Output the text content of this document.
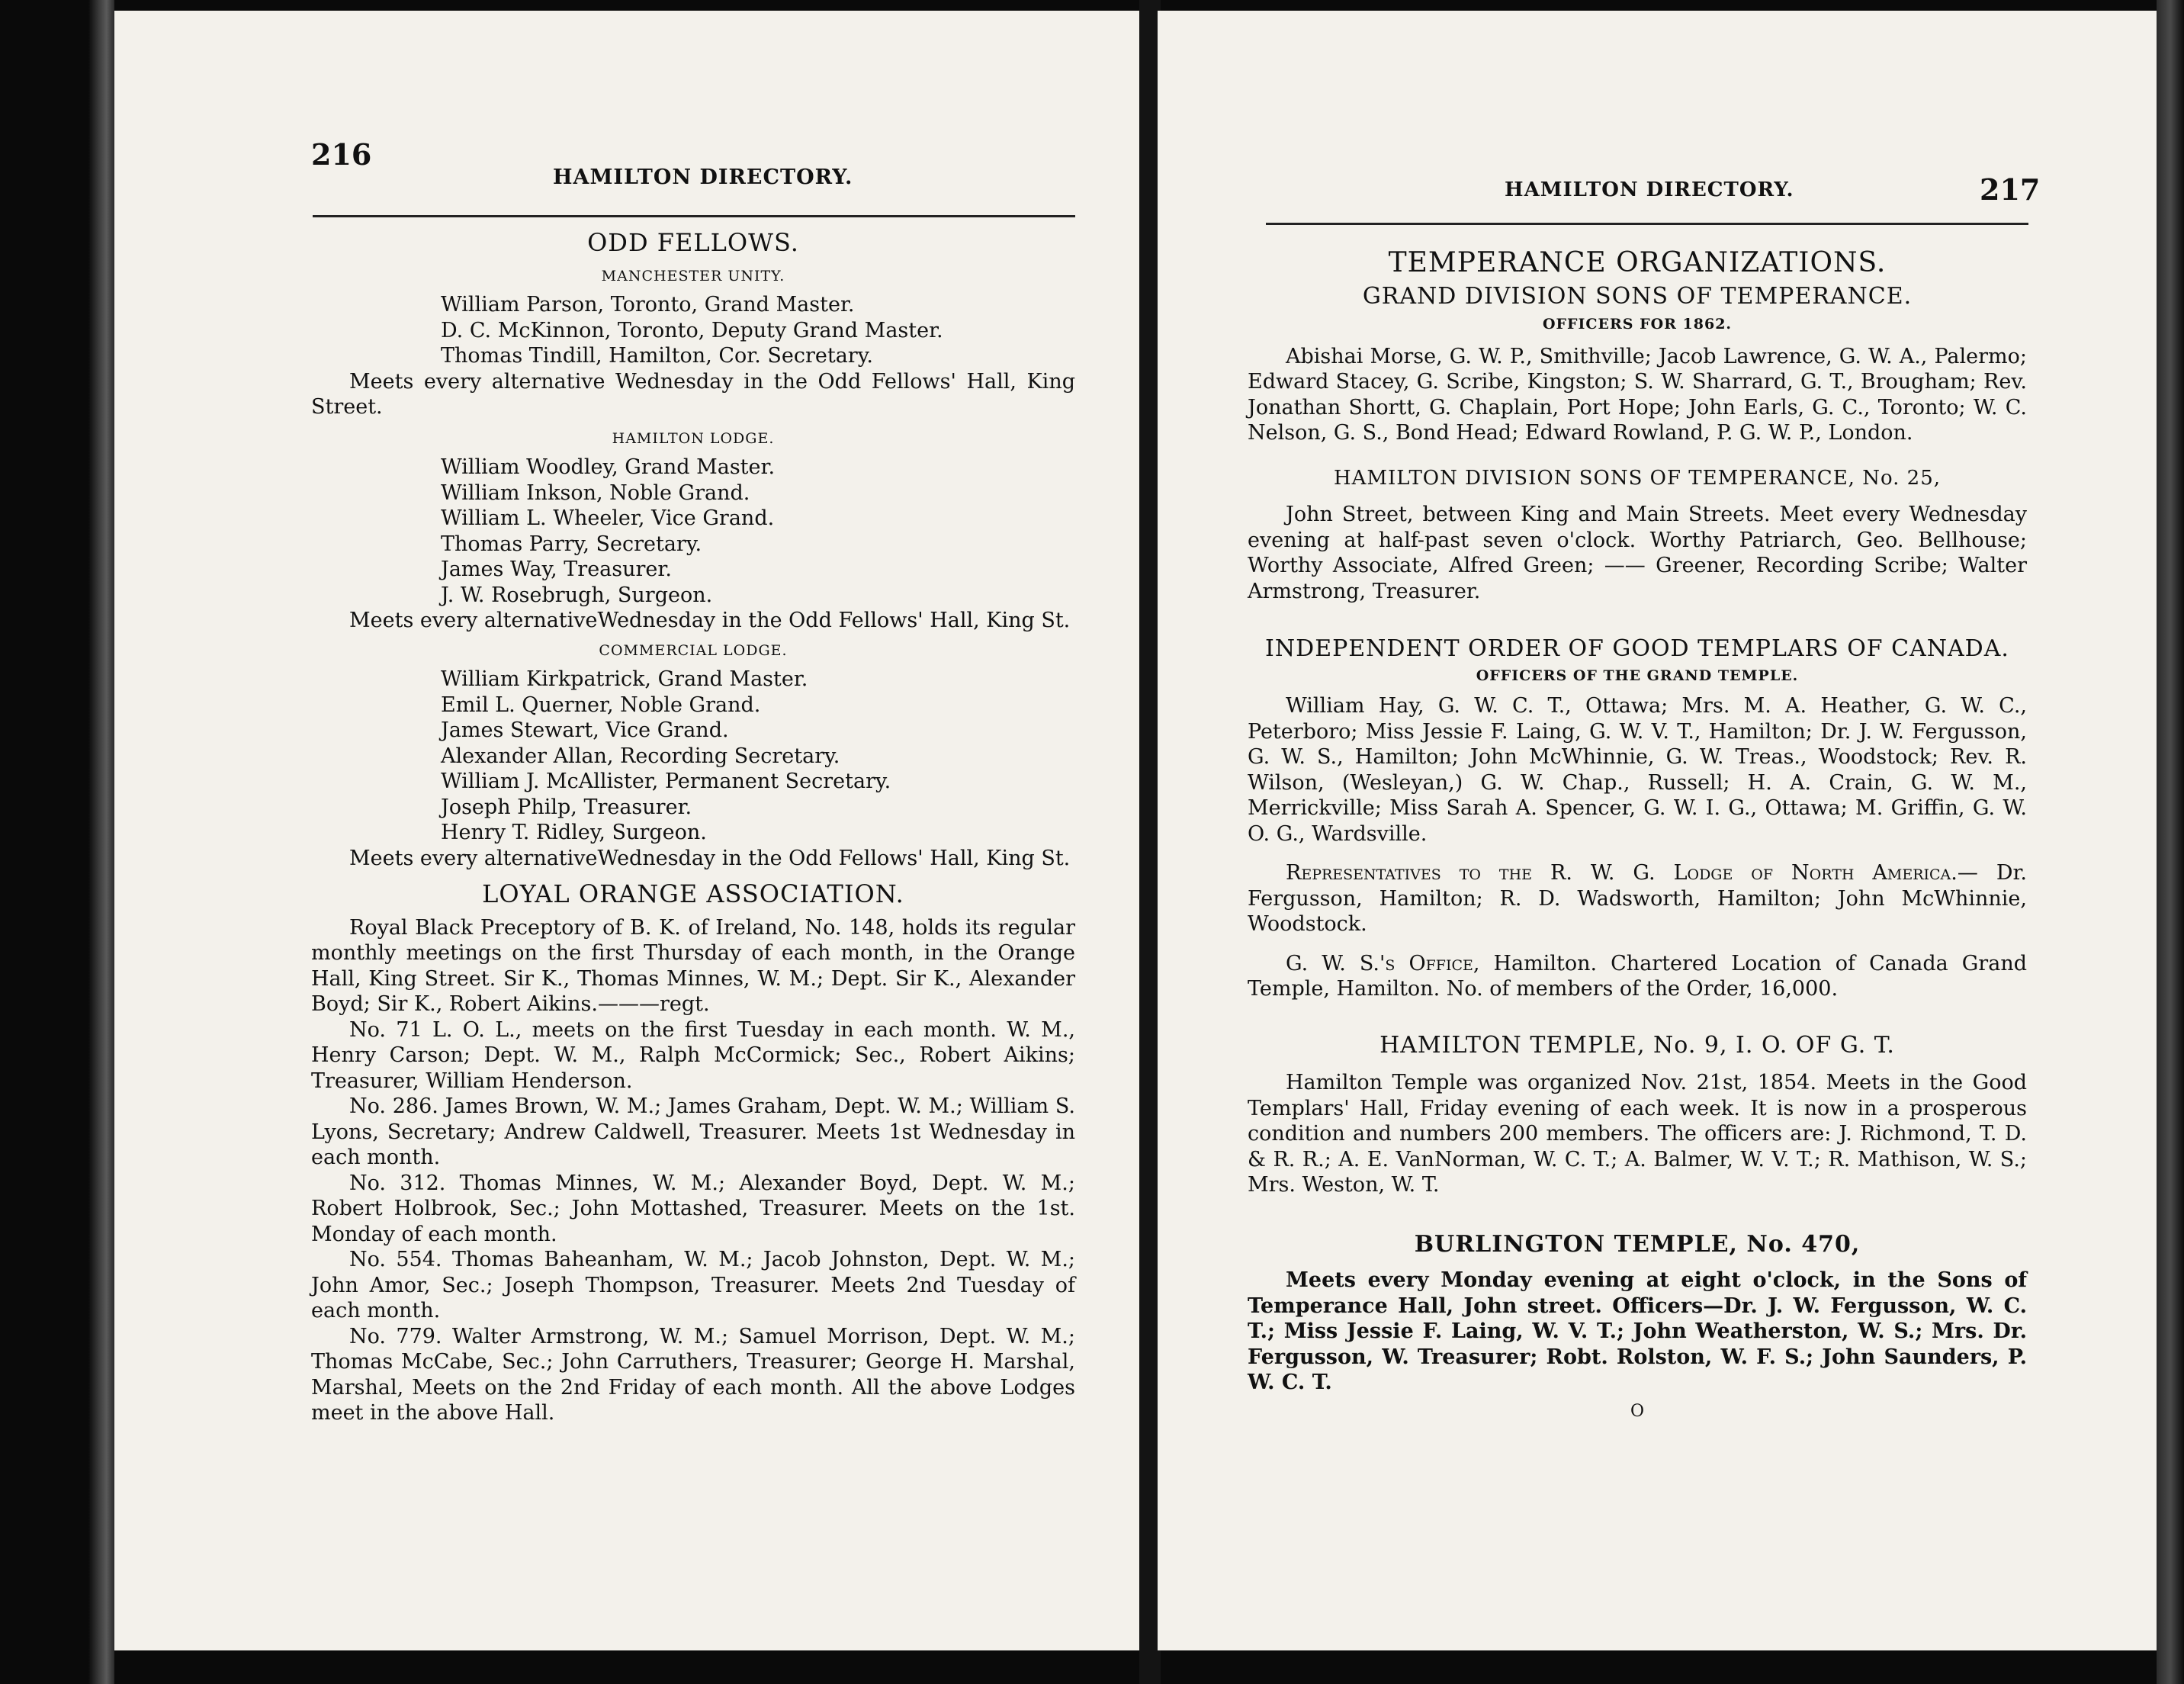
216
HAMILTON DIRECTORY.

ODD FELLOWS.

MANCHESTER UNITY.

William Parson, Toronto, Grand Master.

D. C. McKinnon, Toronto, Deputy Grand Master.

Thomas Tindill, Hamilton, Cor. Secretary.

Meets every alternative Wednesday in the Odd Fellows' Hall, King Street.

HAMILTON LODGE.

William Woodley, Grand Master.

William Inkson, Noble Grand.

William L. Wheeler, Vice Grand.

Thomas Parry, Secretary.

James Way, Treasurer.

J. W. Rosebrugh, Surgeon.

Meets every alternativeWednesday in the Odd Fellows' Hall, King St.

COMMERCIAL LODGE.

William Kirkpatrick, Grand Master.

Emil L. Querner, Noble Grand.

James Stewart, Vice Grand.

Alexander Allan, Recording Secretary.

William J. McAllister, Permanent Secretary.

Joseph Philp, Treasurer.

Henry T. Ridley, Surgeon.

Meets every alternativeWednesday in the Odd Fellows' Hall, King St.

LOYAL ORANGE ASSOCIATION.

Royal Black Preceptory of B. K. of Ireland, No. 148, holds its regular monthly meetings on the first Thursday of each month, in the Orange Hall, King Street. Sir K., Thomas Minnes, W. M.; Dept. Sir K., Alexander Boyd; Sir K., Robert Aikins.———regt.

No. 71 L. O. L., meets on the first Tuesday in each month. W. M., Henry Carson; Dept. W. M., Ralph McCormick; Sec., Robert Aikins; Treasurer, William Henderson.

No. 286. James Brown, W. M.; James Graham, Dept. W. M.; William S. Lyons, Secretary; Andrew Caldwell, Treasurer. Meets 1st Wednesday in each month.

No. 312. Thomas Minnes, W. M.; Alexander Boyd, Dept. W. M.; Robert Holbrook, Sec.; John Mottashed, Treasurer. Meets on the 1st. Monday of each month.

No. 554. Thomas Baheanham, W. M.; Jacob Johnston, Dept. W. M.; John Amor, Sec.; Joseph Thompson, Treasurer. Meets 2nd Tuesday of each month.

No. 779. Walter Armstrong, W. M.; Samuel Morrison, Dept. W. M.; Thomas McCabe, Sec.; John Carruthers, Treasurer; George H. Marshal, Marshal, Meets on the 2nd Friday of each month. All the above Lodges meet in the above Hall.

HAMILTON DIRECTORY.	217

TEMPERANCE ORGANIZATIONS.

GRAND DIVISION SONS OF TEMPERANCE.

OFFICERS FOR 1862.

Abishai Morse, G. W. P., Smithville; Jacob Lawrence, G. W. A., Palermo; Edward Stacey, G. Scribe, Kingston; S. W. Sharrard, G. T., Brougham; Rev. Jonathan Shortt, G. Chaplain, Port Hope; John Earls, G. C., Toronto; W. C. Nelson, G. S., Bond Head; Edward Rowland, P. G. W. P., London.

HAMILTON DIVISION SONS OF TEMPERANCE, No. 25,

John Street, between King and Main Streets. Meet every Wednesday evening at half-past seven o'clock. Worthy Patriarch, Geo. Bellhouse; Worthy Associate, Alfred Green; —— Greener, Recording Scribe; Walter Armstrong, Treasurer.

INDEPENDENT ORDER OF GOOD TEMPLARS OF CANADA.

OFFICERS OF THE GRAND TEMPLE.

William Hay, G. W. C. T., Ottawa; Mrs. M. A. Heather, G. W. C., Peterboro; Miss Jessie F. Laing, G. W. V. T., Hamilton; Dr. J. W. Fergusson, G. W. S., Hamilton; John McWhinnie, G. W. Treas., Woodstock; Rev. R. Wilson, (Wesleyan,) G. W. Chap., Russell; H. A. Crain, G. W. M., Merrickville; Miss Sarah A. Spencer, G. W. I. G., Ottawa; M. Griffin, G. W. O. G., Wardsville.

Representatives to the R. W. G. Lodge of North America.— Dr. Fergusson, Hamilton; R. D. Wadsworth, Hamilton; John McWhinnie, Woodstock.

G. W. S.'s Office, Hamilton. Chartered Location of Canada Grand Temple, Hamilton. No. of members of the Order, 16,000.

HAMILTON TEMPLE, No. 9, I. O. OF G. T.

Hamilton Temple was organized Nov. 21st, 1854. Meets in the Good Templars' Hall, Friday evening of each week. It is now in a prosperous condition and numbers 200 members. The officers are: J. Richmond, T. D. & R. R.; A. E. VanNorman, W. C. T.; A. Balmer, W. V. T.; R. Mathison, W. S.; Mrs. Weston, W. T.

BURLINGTON TEMPLE, No. 470,

Meets every Monday evening at eight o'clock, in the Sons of Temperance Hall, John street. Officers—Dr. J. W. Fergusson, W. C. T.; Miss Jessie F. Laing, W. V. T.; John Weatherston, W. S.; Mrs. Dr. Fergusson, W. Treasurer; Robt. Rolston, W. F. S.; John Saunders, P. W. C. T.

O
